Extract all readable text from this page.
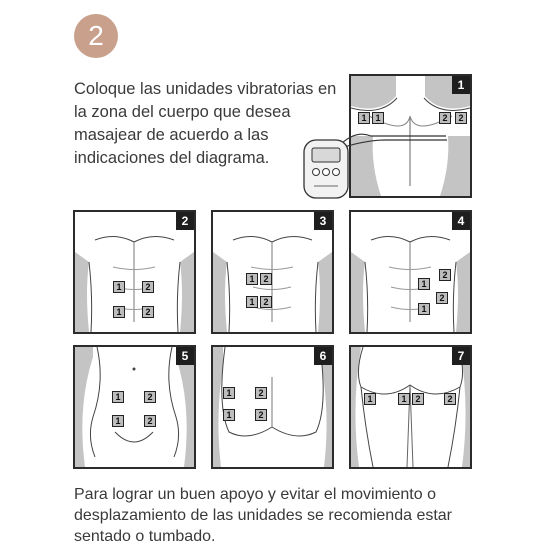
2
Coloque las unidades vibratorias en la zona del cuerpo que desea masajear de acuerdo a las indicaciones del diagrama.
1
1 1	2	2
2
1	2
1	2
3
1 2
1 2
4
2
1
2
1
5
1	2
1	2
6
1	2
1	2
7
1	1 2	2
Para lograr un buen apoyo y evitar el movimiento o desplazamiento de las unidades se recomienda estar sentado o tumbado.
